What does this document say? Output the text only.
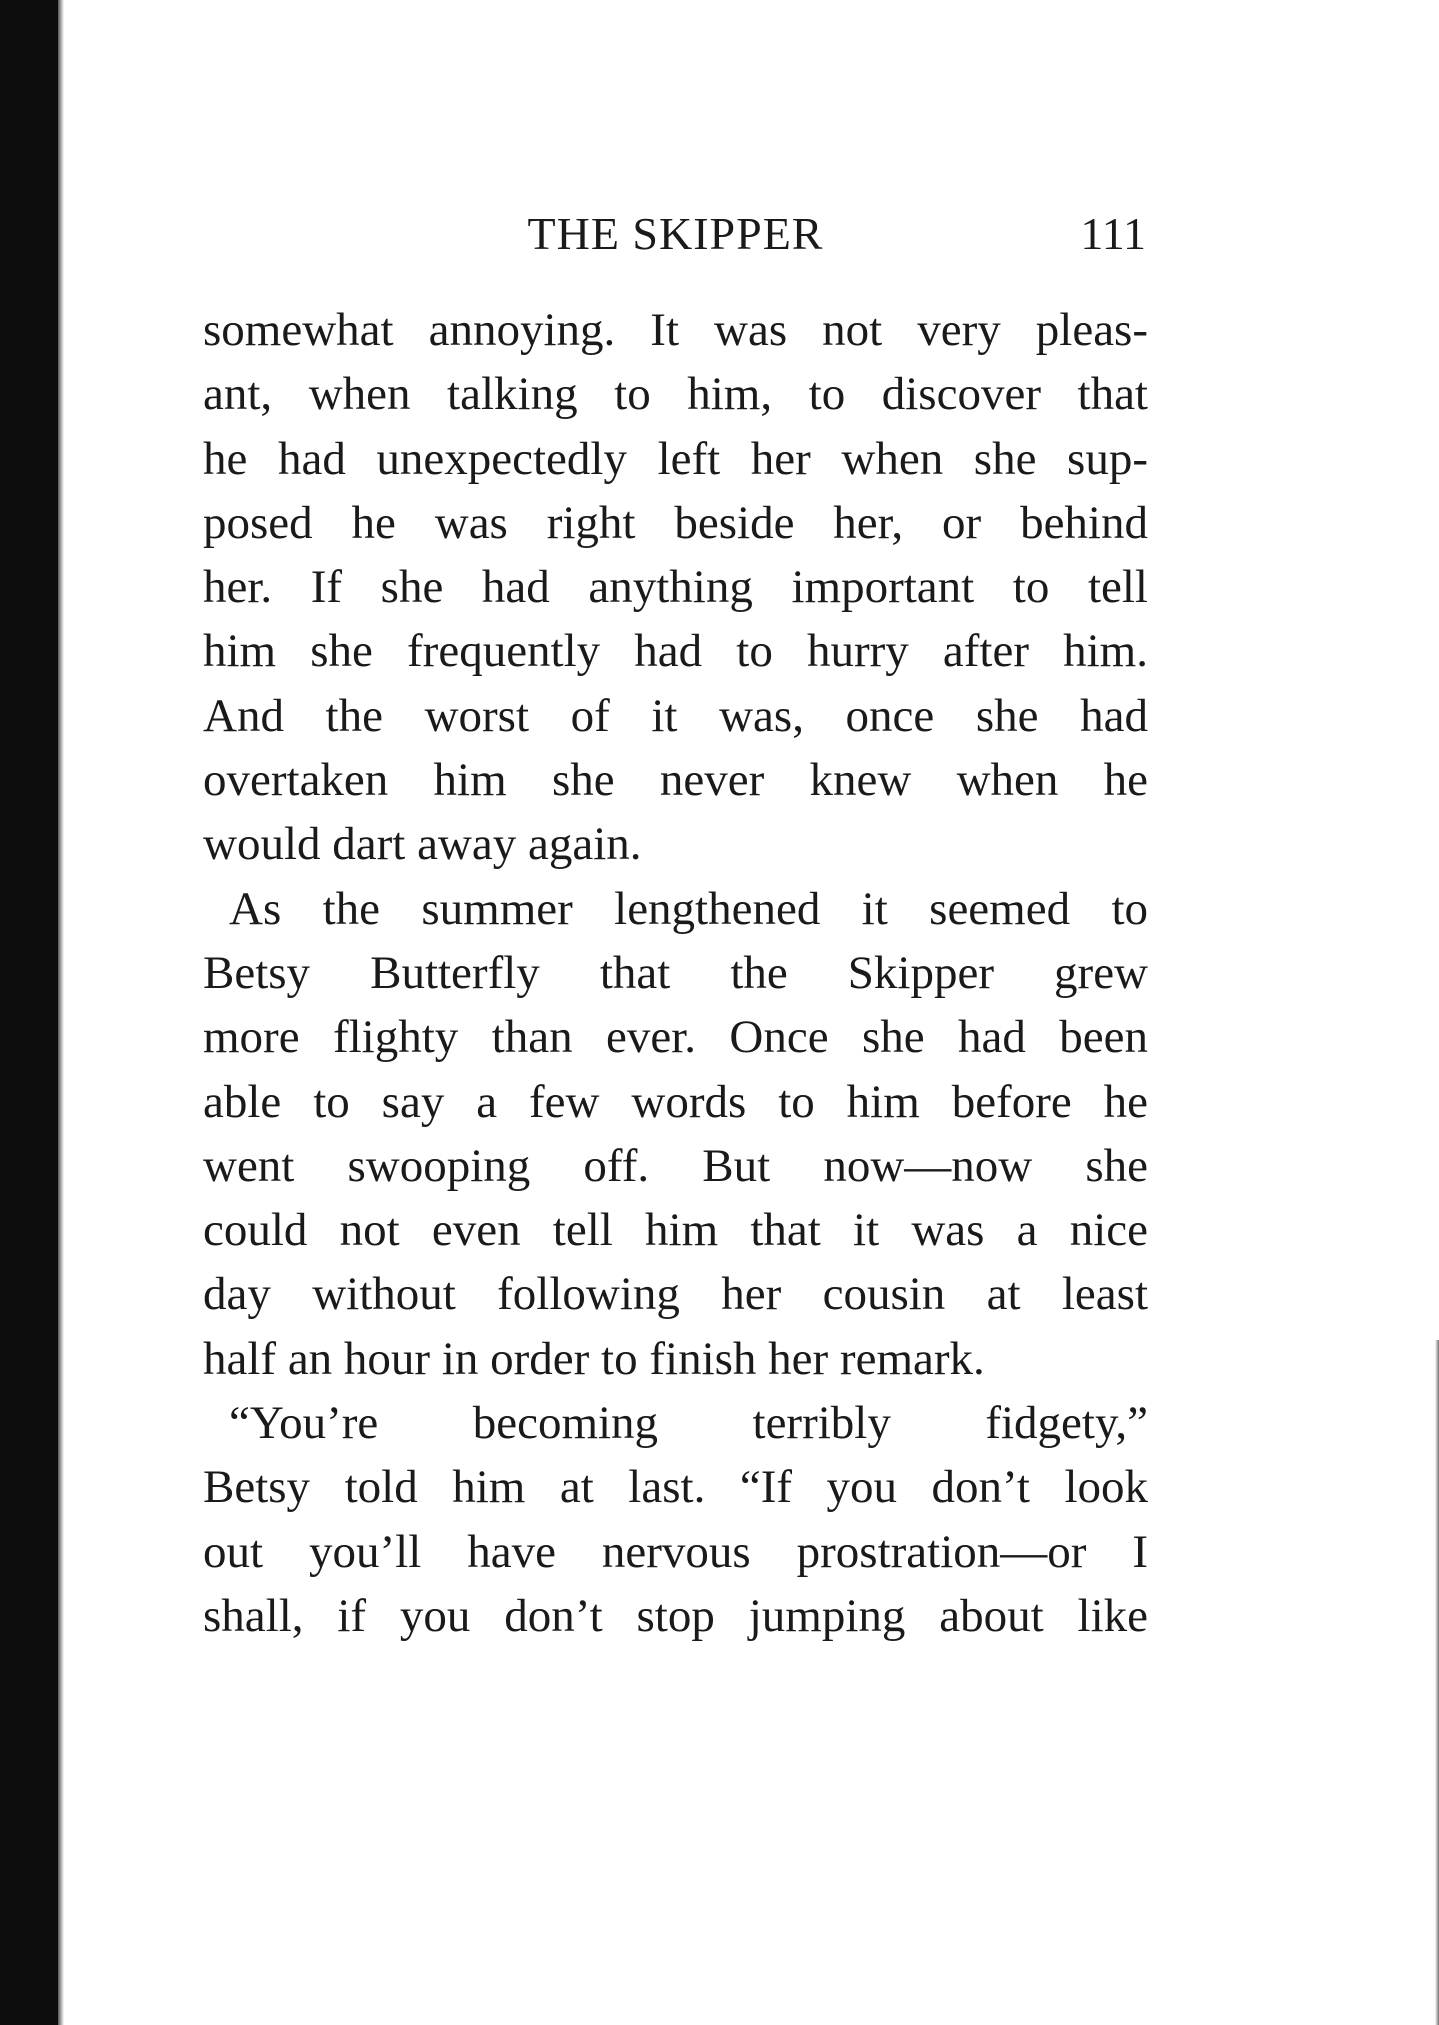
THE SKIPPER	111
somewhat annoying. It was not very pleas-
ant, when talking to him, to discover that
he had unexpectedly left her when she sup-
posed he was right beside her, or behind
her. If she had anything important to tell
him she frequently had to hurry after him.
And the worst of it was, once she had
overtaken him she never knew when he
would dart away again.
As the summer lengthened it seemed to
Betsy Butterfly that the Skipper grew
more flighty than ever. Once she had been
able to say a few words to him before he
went swooping off. But now—now she
could not even tell him that it was a nice
day without following her cousin at least
half an hour in order to finish her remark.
“You’re becoming terribly fidgety,”
Betsy told him at last. “If you don’t look
out you’ll have nervous prostration—or I
shall, if you don’t stop jumping about like
